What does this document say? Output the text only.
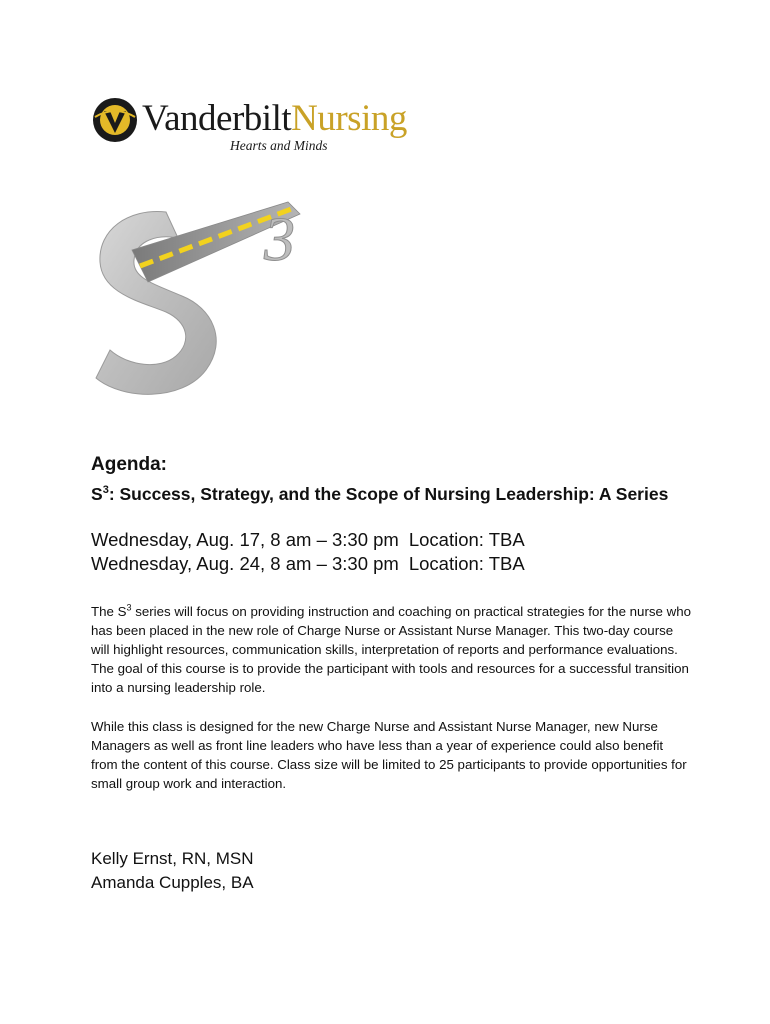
VanderbiltNursing
Hearts and Minds
3

Agenda:

$S^3$: Success, Strategy, and the Scope of Nursing Leadership: A Series

Wednesday, Aug. 17, 8 am – 3:30 pm Location: TBA
Wednesday, Aug. 24, 8 am – 3:30 pm Location: TBA

The $S^3$ series will focus on providing instruction and coaching on practical strategies for the nurse who has been placed in the new role of Charge Nurse or Assistant Nurse Manager. This two-day course will highlight resources, communication skills, interpretation of reports and performance evaluations. The goal of this course is to provide the participant with tools and resources for a successful transition into a nursing leadership role.

While this class is designed for the new Charge Nurse and Assistant Nurse Manager, new Nurse Managers as well as front line leaders who have less than a year of experience could also benefit from the content of this course. Class size will be limited to 25 participants to provide opportunities for small group work and interaction.

Kelly Ernst, RN, MSN
Amanda Cupples, BA
